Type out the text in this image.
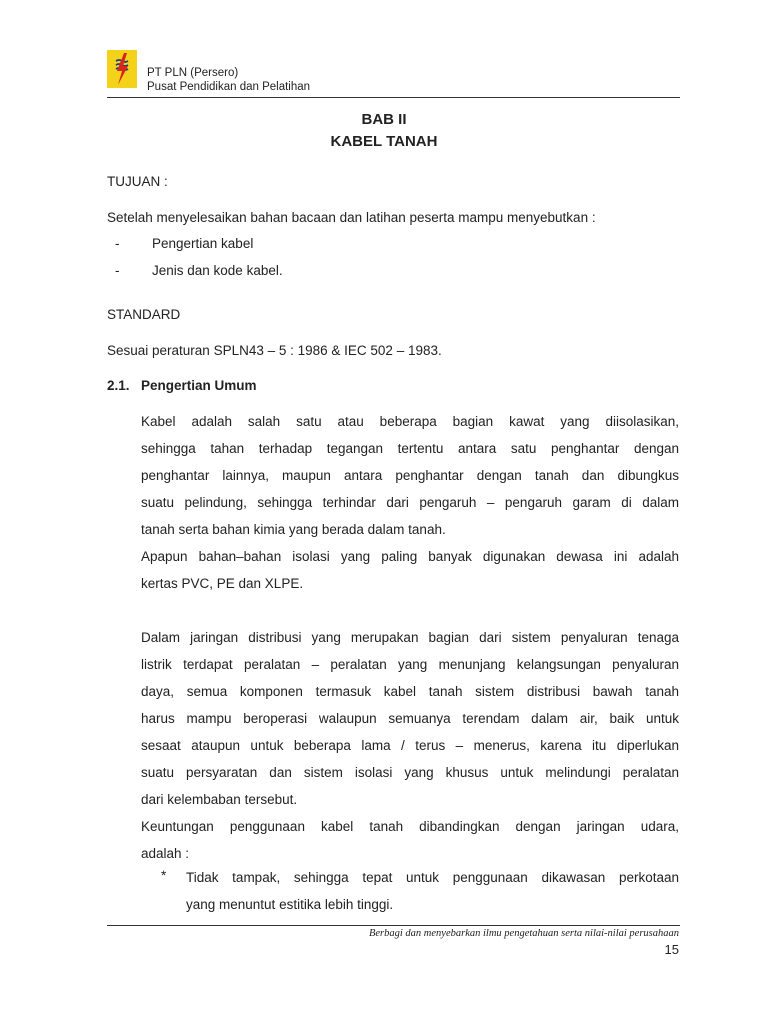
PT PLN (Persero)
Pusat Pendidikan dan Pelatihan
BAB II
KABEL TANAH
TUJUAN :
Setelah menyelesaikan bahan bacaan dan latihan peserta mampu menyebutkan :
- Pengertian kabel
- Jenis dan kode kabel.
STANDARD
Sesuai peraturan SPLN43 – 5 : 1986 & IEC 502 – 1983.
2.1. Pengertian Umum

Kabel adalah salah satu atau beberapa bagian kawat yang diisolasikan,

sehingga tahan terhadap tegangan tertentu antara satu penghantar dengan

penghantar lainnya, maupun antara penghantar dengan tanah dan dibungkus

suatu pelindung, sehingga terhindar dari pengaruh – pengaruh garam di dalam

tanah serta bahan kimia yang berada dalam tanah.

Apapun bahan–bahan isolasi yang paling banyak digunakan dewasa ini adalah

kertas PVC, PE dan XLPE.

Dalam jaringan distribusi yang merupakan bagian dari sistem penyaluran tenaga

listrik terdapat peralatan – peralatan yang menunjang kelangsungan penyaluran

daya, semua komponen termasuk kabel tanah sistem distribusi bawah tanah

harus mampu beroperasi walaupun semuanya terendam dalam air, baik untuk

sesaat ataupun untuk beberapa lama / terus – menerus, karena itu diperlukan

suatu persyaratan dan sistem isolasi yang khusus untuk melindungi peralatan

dari kelembaban tersebut.

Keuntungan penggunaan kabel tanah dibandingkan dengan jaringan udara,

adalah :

* Tidak tampak, sehingga tepat untuk penggunaan dikawasan perkotaan

yang menuntut estitika lebih tinggi.

Berbagi dan menyebarkan ilmu pengetahuan serta nilai-nilai perusahaan
15
